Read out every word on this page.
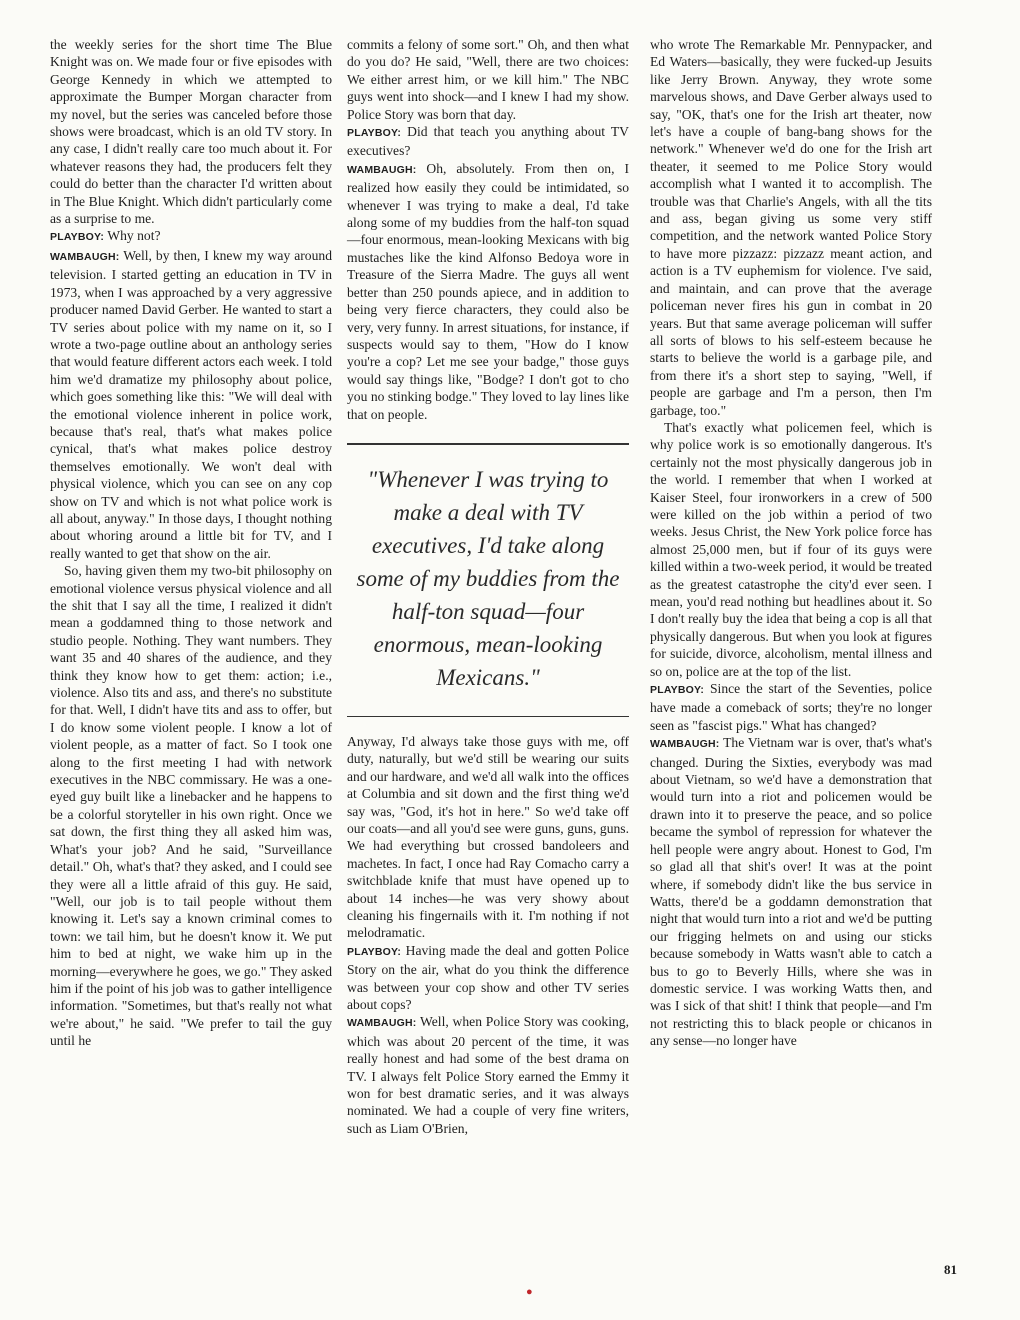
the weekly series for the short time The Blue Knight was on. We made four or five episodes with George Kennedy in which we attempted to approximate the Bumper Morgan character from my novel, but the series was canceled before those shows were broadcast, which is an old TV story. In any case, I didn't really care too much about it. For whatever reasons they had, the producers felt they could do better than the character I'd written about in The Blue Knight. Which didn't particularly come as a surprise to me.

PLAYBOY: Why not?

WAMBAUGH: Well, by then, I knew my way around television. I started getting an education in TV in 1973, when I was approached by a very aggressive producer named David Gerber. He wanted to start a TV series about police with my name on it, so I wrote a two-page outline about an anthology series that would feature different actors each week. I told him we'd dramatize my philosophy about police, which goes something like this: "We will deal with the emotional violence inherent in police work, because that's real, that's what makes police cynical, that's what makes police destroy themselves emotionally. We won't deal with physical violence, which you can see on any cop show on TV and which is not what police work is all about, anyway." In those days, I thought nothing about whoring around a little bit for TV, and I really wanted to get that show on the air.

So, having given them my two-bit philosophy on emotional violence versus physical violence and all the shit that I say all the time, I realized it didn't mean a goddamned thing to those network and studio people. Nothing. They want numbers. They want 35 and 40 shares of the audience, and they think they know how to get them: action; i.e., violence. Also tits and ass, and there's no substitute for that. Well, I didn't have tits and ass to offer, but I do know some violent people. I know a lot of violent people, as a matter of fact. So I took one along to the first meeting I had with network executives in the NBC commissary. He was a one-eyed guy built like a linebacker and he happens to be a colorful storyteller in his own right. Once we sat down, the first thing they all asked him was, What's your job? And he said, "Surveillance detail." Oh, what's that? they asked, and I could see they were all a little afraid of this guy. He said, "Well, our job is to tail people without them knowing it. Let's say a known criminal comes to town: we tail him, but he doesn't know it. We put him to bed at night, we wake him up in the morning—everywhere he goes, we go." They asked him if the point of his job was to gather intelligence information. "Sometimes, but that's really not what we're about," he said. "We prefer to tail the guy until he

commits a felony of some sort." Oh, and then what do you do? He said, "Well, there are two choices: We either arrest him, or we kill him." The NBC guys went into shock—and I knew I had my show. Police Story was born that day.

PLAYBOY: Did that teach you anything about TV executives?

WAMBAUGH: Oh, absolutely. From then on, I realized how easily they could be intimidated, so whenever I was trying to make a deal, I'd take along some of my buddies from the half-ton squad—four enormous, mean-looking Mexicans with big mustaches like the kind Alfonso Bedoya wore in Treasure of the Sierra Madre. The guys all went better than 250 pounds apiece, and in addition to being very fierce characters, they could also be very, very funny. In arrest situations, for instance, if suspects would say to them, "How do I know you're a cop? Let me see your badge," those guys would say things like, "Bodge? I don't got to cho you no stinking bodge." They loved to lay lines like that on people.

"Whenever I was trying to make a deal with TV executives, I'd take along some of my buddies from the half-ton squad—four enormous, mean-looking Mexicans."

Anyway, I'd always take those guys with me, off duty, naturally, but we'd still be wearing our suits and our hardware, and we'd all walk into the offices at Columbia and sit down and the first thing we'd say was, "God, it's hot in here." So we'd take off our coats—and all you'd see were guns, guns, guns. We had everything but crossed bandoleers and machetes. In fact, I once had Ray Comacho carry a switchblade knife that must have opened up to about 14 inches—he was very showy about cleaning his fingernails with it. I'm nothing if not melodramatic.

PLAYBOY: Having made the deal and gotten Police Story on the air, what do you think the difference was between your cop show and other TV series about cops?

WAMBAUGH: Well, when Police Story was cooking, which was about 20 percent of the time, it was really honest and had some of the best drama on TV. I always felt Police Story earned the Emmy it won for best dramatic series, and it was always nominated. We had a couple of very fine writers, such as Liam O'Brien,

who wrote The Remarkable Mr. Pennypacker, and Ed Waters—basically, they were fucked-up Jesuits like Jerry Brown. Anyway, they wrote some marvelous shows, and Dave Gerber always used to say, "OK, that's one for the Irish art theater, now let's have a couple of bang-bang shows for the network." Whenever we'd do one for the Irish art theater, it seemed to me Police Story would accomplish what I wanted it to accomplish. The trouble was that Charlie's Angels, with all the tits and ass, began giving us some very stiff competition, and the network wanted Police Story to have more pizzazz: pizzazz meant action, and action is a TV euphemism for violence. I've said, and maintain, and can prove that the average policeman never fires his gun in combat in 20 years. But that same average policeman will suffer all sorts of blows to his self-esteem because he starts to believe the world is a garbage pile, and from there it's a short step to saying, "Well, if people are garbage and I'm a person, then I'm garbage, too."

That's exactly what policemen feel, which is why police work is so emotionally dangerous. It's certainly not the most physically dangerous job in the world. I remember that when I worked at Kaiser Steel, four ironworkers in a crew of 500 were killed on the job within a period of two weeks. Jesus Christ, the New York police force has almost 25,000 men, but if four of its guys were killed within a two-week period, it would be treated as the greatest catastrophe the city'd ever seen. I mean, you'd read nothing but headlines about it. So I don't really buy the idea that being a cop is all that physically dangerous. But when you look at figures for suicide, divorce, alcoholism, mental illness and so on, police are at the top of the list.

PLAYBOY: Since the start of the Seventies, police have made a comeback of sorts; they're no longer seen as "fascist pigs." What has changed?

WAMBAUGH: The Vietnam war is over, that's what's changed. During the Sixties, everybody was mad about Vietnam, so we'd have a demonstration that would turn into a riot and policemen would be drawn into it to preserve the peace, and so police became the symbol of repression for whatever the hell people were angry about. Honest to God, I'm so glad all that shit's over! It was at the point where, if somebody didn't like the bus service in Watts, there'd be a goddamn demonstration that night that would turn into a riot and we'd be putting our frigging helmets on and using our sticks because somebody in Watts wasn't able to catch a bus to go to Beverly Hills, where she was in domestic service. I was working Watts then, and was I sick of that shit! I think that people—and I'm not restricting this to black people or chicanos in any sense—no longer have

81
●
